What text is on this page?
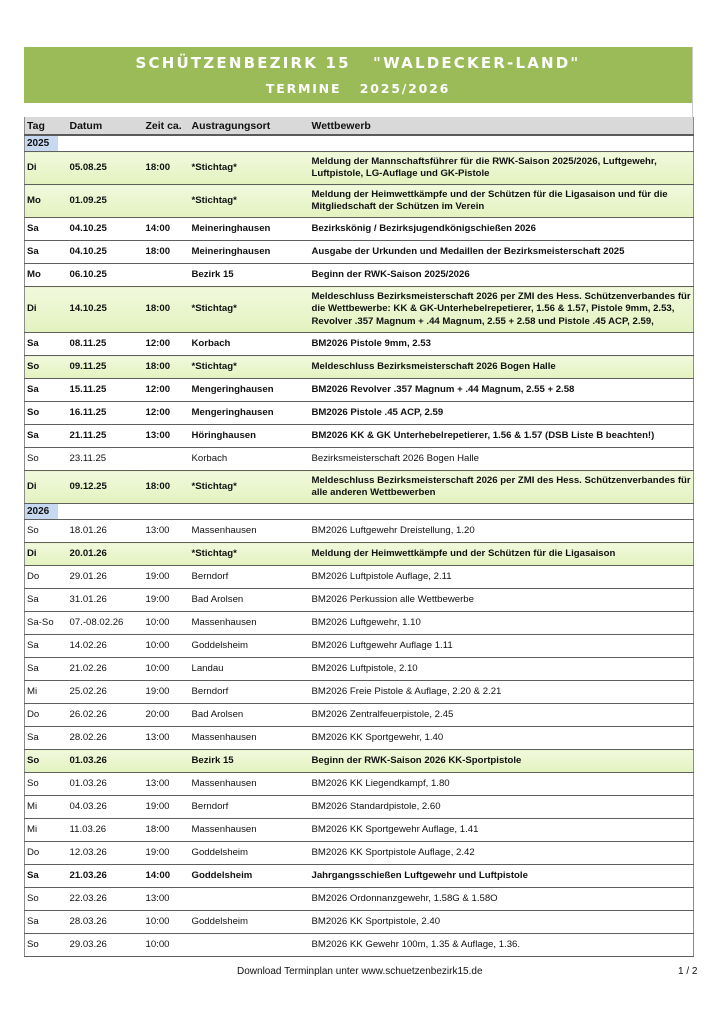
SCHÜTZENBEZIRK 15   "WALDECKER-LAND"
TERMINE   2025/2026
Tag	Datum	Zeit ca.	Austragungsort	Wettbewerb
2025				
Di	05.08.25	18:00	*Stichtag*	Meldung der Mannschaftsführer für die RWK-Saison 2025/2026, Luftgewehr, Luftpistole, LG-Auflage und GK-Pistole
Mo	01.09.25		*Stichtag*	Meldung der Heimwettkämpfe und der Schützen für die Ligasaison und für die Mitgliedschaft der Schützen im Verein
Sa	04.10.25	14:00	Meineringhausen	Bezirkskönig / Bezirksjugendkönigschießen 2026
Sa	04.10.25	18:00	Meineringhausen	Ausgabe der Urkunden und Medaillen der Bezirksmeisterschaft 2025
Mo	06.10.25		Bezirk 15	Beginn der RWK-Saison 2025/2026
Di	14.10.25	18:00	*Stichtag*	Meldeschluss Bezirksmeisterschaft 2026 per ZMI des Hess. Schützenverbandes für die Wettbewerbe: KK & GK-Unterhebelrepetierer, 1.56 & 1.57, Pistole 9mm, 2.53, Revolver .357 Magnum + .44 Magnum, 2.55 + 2.58 und Pistole .45 ACP, 2.59,
Sa	08.11.25	12:00	Korbach	BM2026 Pistole 9mm, 2.53
So	09.11.25	18:00	*Stichtag*	Meldeschluss Bezirksmeisterschaft 2026 Bogen Halle
Sa	15.11.25	12:00	Mengeringhausen	BM2026 Revolver .357 Magnum + .44 Magnum, 2.55 + 2.58
So	16.11.25	12:00	Mengeringhausen	BM2026 Pistole .45 ACP, 2.59
Sa	21.11.25	13:00	Höringhausen	BM2026 KK & GK Unterhebelrepetierer, 1.56 & 1.57 (DSB Liste B beachten!)
So	23.11.25		Korbach	Bezirksmeisterschaft 2026 Bogen Halle
Di	09.12.25	18:00	*Stichtag*	Meldeschluss Bezirksmeisterschaft 2026 per ZMI des Hess. Schützenverbandes für alle anderen Wettbewerben
2026				
So	18.01.26	13:00	Massenhausen	BM2026 Luftgewehr Dreistellung, 1.20
Di	20.01.26		*Stichtag*	Meldung der Heimwettkämpfe und der Schützen für die Ligasaison
Do	29.01.26	19:00	Berndorf	BM2026 Luftpistole Auflage, 2.11
Sa	31.01.26	19:00	Bad Arolsen	BM2026 Perkussion alle Wettbewerbe
Sa-So	07.-08.02.26	10:00	Massenhausen	BM2026 Luftgewehr, 1.10
Sa	14.02.26	10:00	Goddelsheim	BM2026 Luftgewehr Auflage 1.11
Sa	21.02.26	10:00	Landau	BM2026 Luftpistole, 2.10
Mi	25.02.26	19:00	Berndorf	BM2026 Freie Pistole & Auflage, 2.20 & 2.21
Do	26.02.26	20:00	Bad Arolsen	BM2026 Zentralfeuerpistole, 2.45
Sa	28.02.26	13:00	Massenhausen	BM2026 KK Sportgewehr, 1.40
So	01.03.26		Bezirk 15	Beginn der RWK-Saison 2026 KK-Sportpistole
So	01.03.26	13:00	Massenhausen	BM2026 KK Liegendkampf, 1.80
Mi	04.03.26	19:00	Berndorf	BM2026 Standardpistole, 2.60
Mi	11.03.26	18:00	Massenhausen	BM2026 KK Sportgewehr Auflage, 1.41
Do	12.03.26	19:00	Goddelsheim	BM2026 KK Sportpistole Auflage, 2.42
Sa	21.03.26	14:00	Goddelsheim	Jahrgangsschießen Luftgewehr und Luftpistole
So	22.03.26	13:00		BM2026 Ordonnanzgewehr, 1.58G & 1.58O
Sa	28.03.26	10:00	Goddelsheim	BM2026 KK Sportpistole, 2.40
So	29.03.26	10:00		BM2026 KK Gewehr 100m, 1.35 & Auflage, 1.36.
Download Terminplan unter www.schuetzenbezirk15.de	1 / 2
